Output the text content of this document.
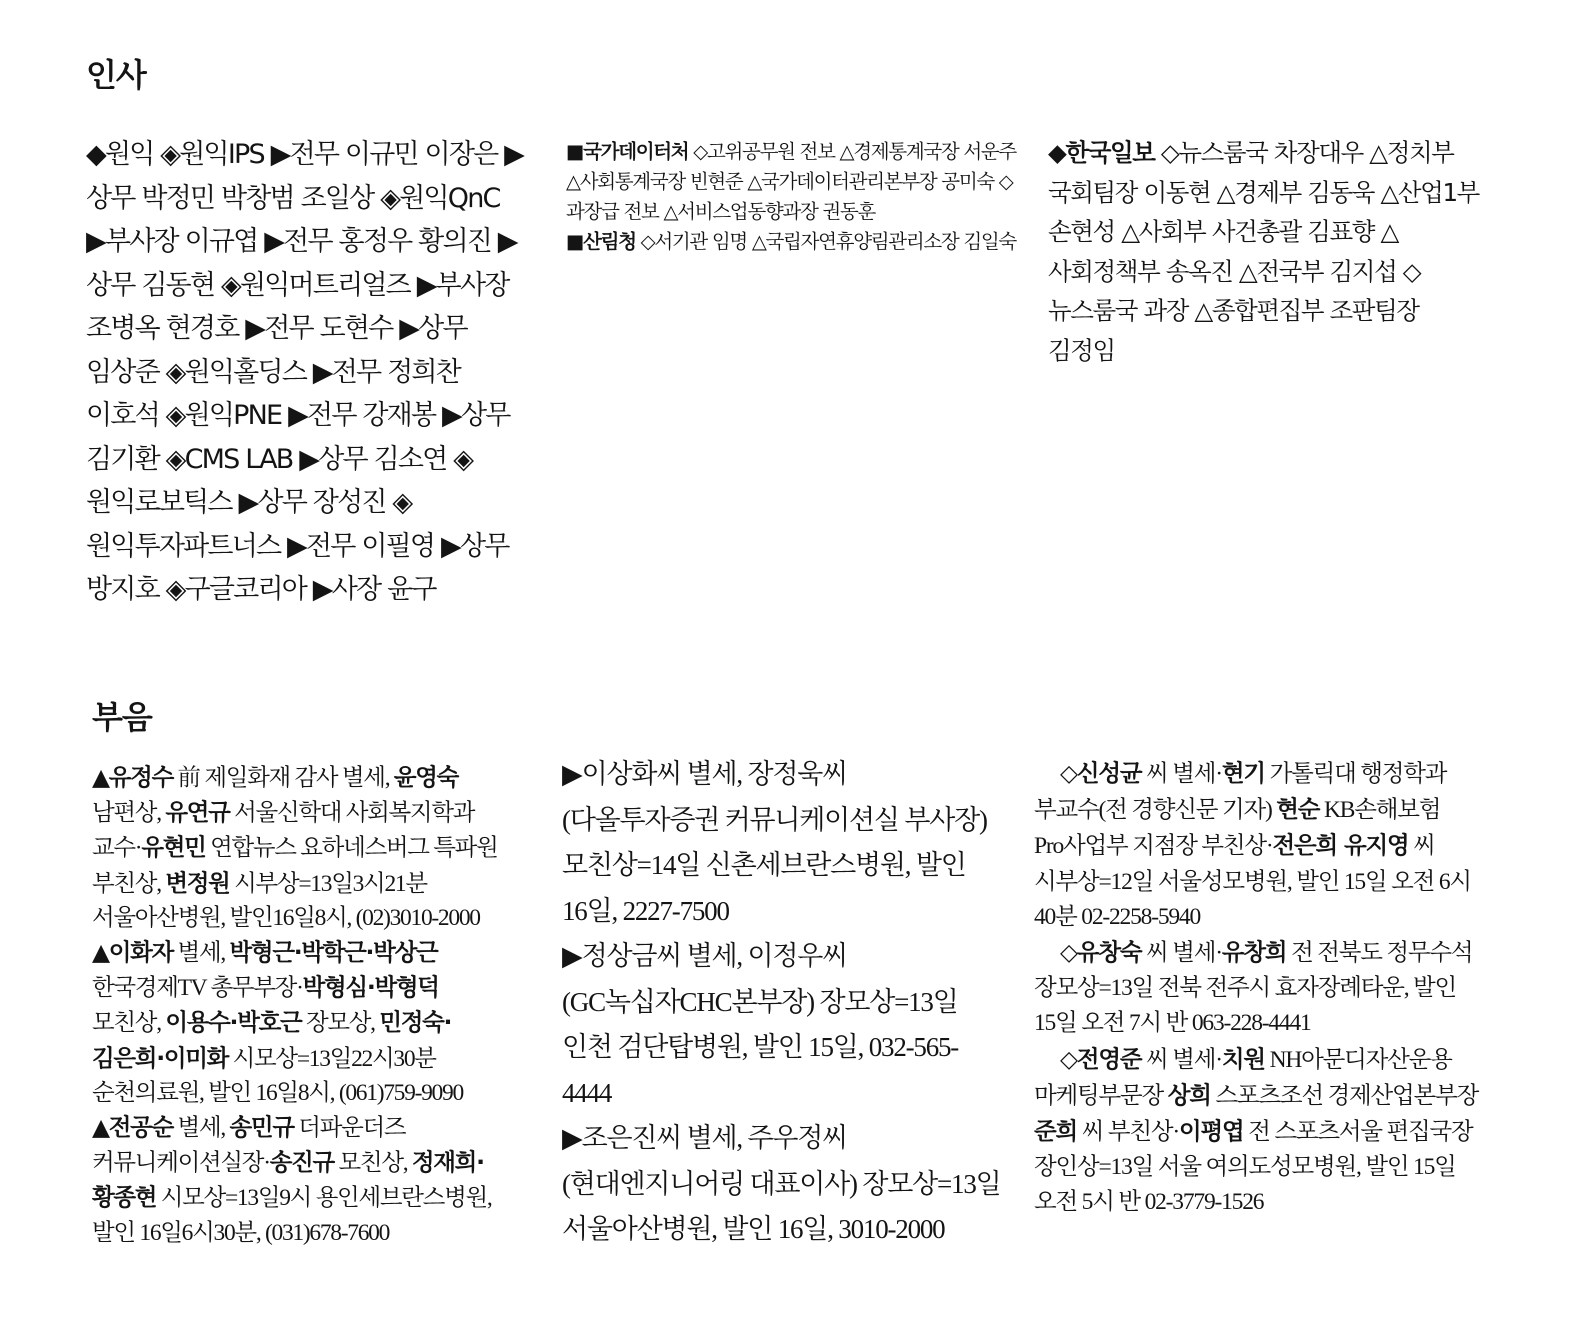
인사
◆원익 ◈원익IPS ▶전무 이규민 이장은 ▶상무 박정민 박창범 조일상 ◈원익QnC ▶부사장 이규엽 ▶전무 홍정우 황의진 ▶상무 김동현 ◈원익머트리얼즈 ▶부사장 조병옥 현경호 ▶전무 도현수 ▶상무 임상준 ◈원익홀딩스 ▶전무 정희찬 이호석 ◈원익PNE ▶전무 강재봉 ▶상무 김기환 ◈CMS LAB ▶상무 김소연 ◈원익로보틱스 ▶상무 장성진 ◈원익투자파트너스 ▶전무 이필영 ▶상무 방지호 ◈구글코리아 ▶사장 윤구

■국가데이터처 ◇고위공무원 전보 △경제통계국장 서운주 △사회통계국장 빈현준 △국가데이터관리본부장 공미숙 ◇과장급 전보 △서비스업동향과장 권동훈

■산림청 ◇서기관 임명 △국립자연휴양림관리소장 김일숙

◆한국일보 ◇뉴스룸국 차장대우 △정치부 국회팀장 이동현 △경제부 김동욱 △산업1부 손현성 △사회부 사건총괄 김표향 △사회정책부 송옥진 △전국부 김지섭 ◇뉴스룸국 과장 △종합편집부 조판팀장 김정임

부음

▲유정수 前 제일화재 감사 별세, 윤영숙 남편상, 유연규 서울신학대 사회복지학과 교수·유현민 연합뉴스 요하네스버그 특파원 부친상, 변정원 시부상=13일3시21분 서울아산병원, 발인16일8시, (02)3010-2000

▲이화자 별세, 박형근·박학근·박상근 한국경제TV 총무부장·박형심·박형덕 모친상, 이용수·박호근 장모상, 민정숙·김은희·이미화 시모상=13일22시30분 순천의료원, 발인 16일8시, (061)759-9090

▲전공순 별세, 송민규 더파운더즈 커뮤니케이션실장·송진규 모친상, 정재희·황종현 시모상=13일9시 용인세브란스병원, 발인 16일6시30분, (031)678-7600

▶이상화씨 별세, 장정욱씨(다올투자증권 커뮤니케이션실 부사장) 모친상=14일 신촌세브란스병원, 발인 16일, 2227-7500

▶정상금씨 별세, 이정우씨(GC녹십자CHC본부장) 장모상=13일 인천 검단탑병원, 발인 15일, 032-565-4444

▶조은진씨 별세, 주우정씨(현대엔지니어링 대표이사) 장모상=13일 서울아산병원, 발인 16일, 3010-2000

◇신성균 씨 별세·현기 가톨릭대 행정학과 부교수(전 경향신문 기자) 현순 KB손해보험 Pro사업부 지점장 부친상·전은희 유지영 씨 시부상=12일 서울성모병원, 발인 15일 오전 6시 40분 02-2258-5940

◇유창숙 씨 별세·유창희 전 전북도 정무수석 장모상=13일 전북 전주시 효자장례타운, 발인 15일 오전 7시 반 063-228-4441

◇전영준 씨 별세·치원 NH아문디자산운용 마케팅부문장 상희 스포츠조선 경제산업본부장 준희 씨 부친상·이평엽 전 스포츠서울 편집국장 장인상=13일 서울 여의도성모병원, 발인 15일 오전 5시 반 02-3779-1526
